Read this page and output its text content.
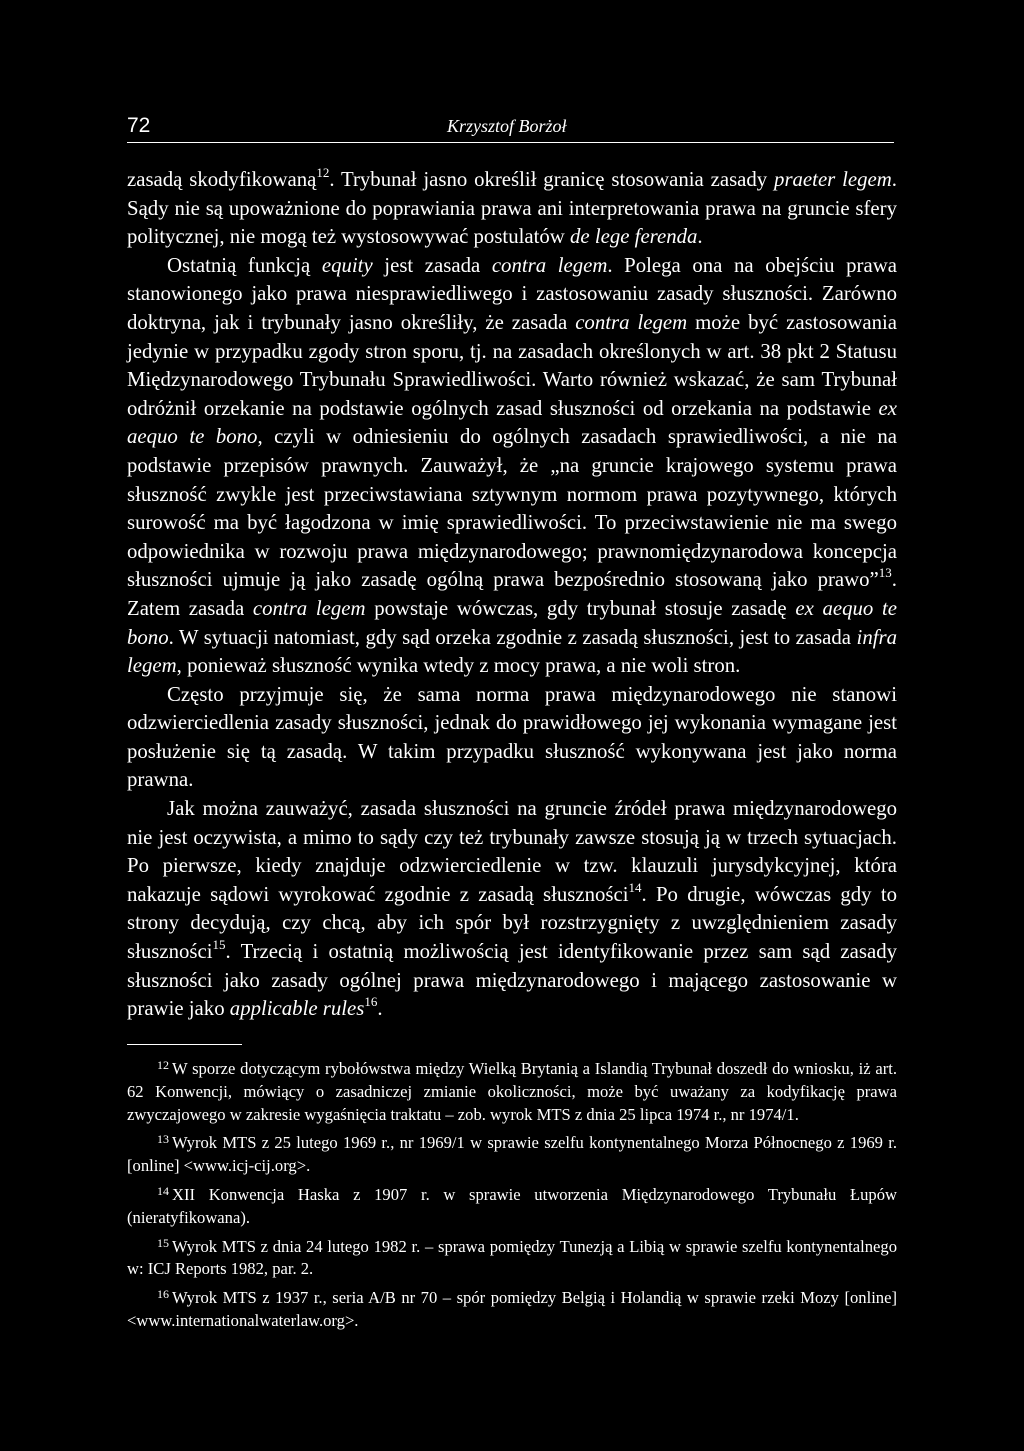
72	Krzysztof Borżoł

zasadą skodyfikowaną$^{12}$. Trybunał jasno określił granicę stosowania zasady praeter legem. Sądy nie są upoważnione do poprawiania prawa ani interpretowania prawa na gruncie sfery politycznej, nie mogą też wystosowywać postulatów de lege ferenda.

Ostatnią funkcją equity jest zasada contra legem. Polega ona na obejściu prawa stanowionego jako prawa niesprawiedliwego i zastosowaniu zasady słuszności. Zarówno doktryna, jak i trybunały jasno określiły, że zasada contra legem może być zastosowania jedynie w przypadku zgody stron sporu, tj. na zasadach określonych w art. 38 pkt 2 Statusu Międzynarodowego Trybunału Sprawiedliwości. Warto również wskazać, że sam Trybunał odróżnił orzekanie na podstawie ogólnych zasad słuszności od orzekania na podstawie ex aequo te bono, czyli w odniesieniu do ogólnych zasadach sprawiedliwości, a nie na podstawie przepisów prawnych. Zauważył, że „na gruncie krajowego systemu prawa słuszność zwykle jest przeciwstawiana sztywnym normom prawa pozytywnego, których surowość ma być łagodzona w imię sprawiedliwości. To przeciwstawienie nie ma swego odpowiednika w rozwoju prawa międzynarodowego; prawnomiędzynarodowa koncepcja słuszności ujmuje ją jako zasadę ogólną prawa bezpośrednio stosowaną jako prawo”$^{13}$. Zatem zasada contra legem powstaje wówczas, gdy trybunał stosuje zasadę ex aequo te bono. W sytuacji natomiast, gdy sąd orzeka zgodnie z zasadą słuszności, jest to zasada infra legem, ponieważ słuszność wynika wtedy z mocy prawa, a nie woli stron.

Często przyjmuje się, że sama norma prawa międzynarodowego nie stanowi odzwierciedlenia zasady słuszności, jednak do prawidłowego jej wykonania wymagane jest posłużenie się tą zasadą. W takim przypadku słuszność wykonywana jest jako norma prawna.

Jak można zauważyć, zasada słuszności na gruncie źródeł prawa międzynarodowego nie jest oczywista, a mimo to sądy czy też trybunały zawsze stosują ją w trzech sytuacjach. Po pierwsze, kiedy znajduje odzwierciedlenie w tzw. klauzuli jurysdykcyjnej, która nakazuje sądowi wyrokować zgodnie z zasadą słuszności$^{14}$. Po drugie, wówczas gdy to strony decydują, czy chcą, aby ich spór był rozstrzygnięty z uwzględnieniem zasady słuszności$^{15}$. Trzecią i ostatnią możliwością jest identyfikowanie przez sam sąd zasady słuszności jako zasady ogólnej prawa międzynarodowego i mającego zastosowanie w prawie jako applicable rules$^{16}$.

$^{12}$ W sporze dotyczącym rybołówstwa między Wielką Brytanią a Islandią Trybunał doszedł do wniosku, iż art. 62 Konwencji, mówiący o zasadniczej zmianie okoliczności, może być uważany za kodyfikację prawa zwyczajowego w zakresie wygaśnięcia traktatu – zob. wyrok MTS z dnia 25 lipca 1974 r., nr 1974/1.

$^{13}$ Wyrok MTS z 25 lutego 1969 r., nr 1969/1 w sprawie szelfu kontynentalnego Morza Północnego z 1969 r. [online] <www.icj-cij.org>.

$^{14}$ XII Konwencja Haska z 1907 r. w sprawie utworzenia Międzynarodowego Trybunału Łupów (nieratyfikowana).

$^{15}$ Wyrok MTS z dnia 24 lutego 1982 r. – sprawa pomiędzy Tunezją a Libią w sprawie szelfu kontynentalnego w: ICJ Reports 1982, par. 2.

$^{16}$ Wyrok MTS z 1937 r., seria A/B nr 70 – spór pomiędzy Belgią i Holandią w sprawie rzeki Mozy [online] <www.internationalwaterlaw.org>.
